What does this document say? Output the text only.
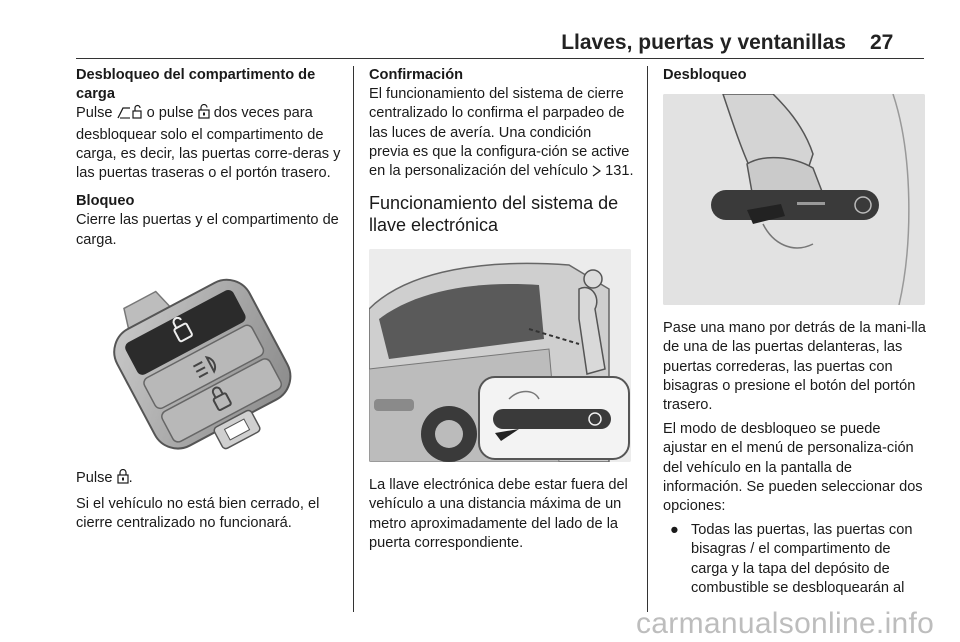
Llaves, puertas y ventanillas 27

Desbloqueo del compartimento de carga

Pulse  o pulse  dos veces para desbloquear solo el compartimento de carga, es decir, las puertas corre-deras y las puertas traseras o el portón trasero.

Bloqueo

Cierre las puertas y el compartimento de carga.

Pulse .

Si el vehículo no está bien cerrado, el cierre centralizado no funcionará.

Confirmación

El funcionamiento del sistema de cierre centralizado lo confirma el parpadeo de las luces de avería. Una condición previa es que la configura-ción se active en la personalización del vehículo  131.

Funcionamiento del sistema de llave electrónica

La llave electrónica debe estar fuera del vehículo a una distancia máxima de un metro aproximadamente del lado de la puerta correspondiente.

Desbloqueo

Pase una mano por detrás de la mani-lla de una de las puertas delanteras, las puertas correderas, las puertas con bisagras o presione el botón del portón trasero.

El modo de desbloqueo se puede ajustar en el menú de personaliza-ción del vehículo en la pantalla de información. Se pueden seleccionar dos opciones:

● Todas las puertas, las puertas con bisagras / el compartimento de carga y la tapa del depósito de combustible se desbloquearán al
carmanualsonline.info
